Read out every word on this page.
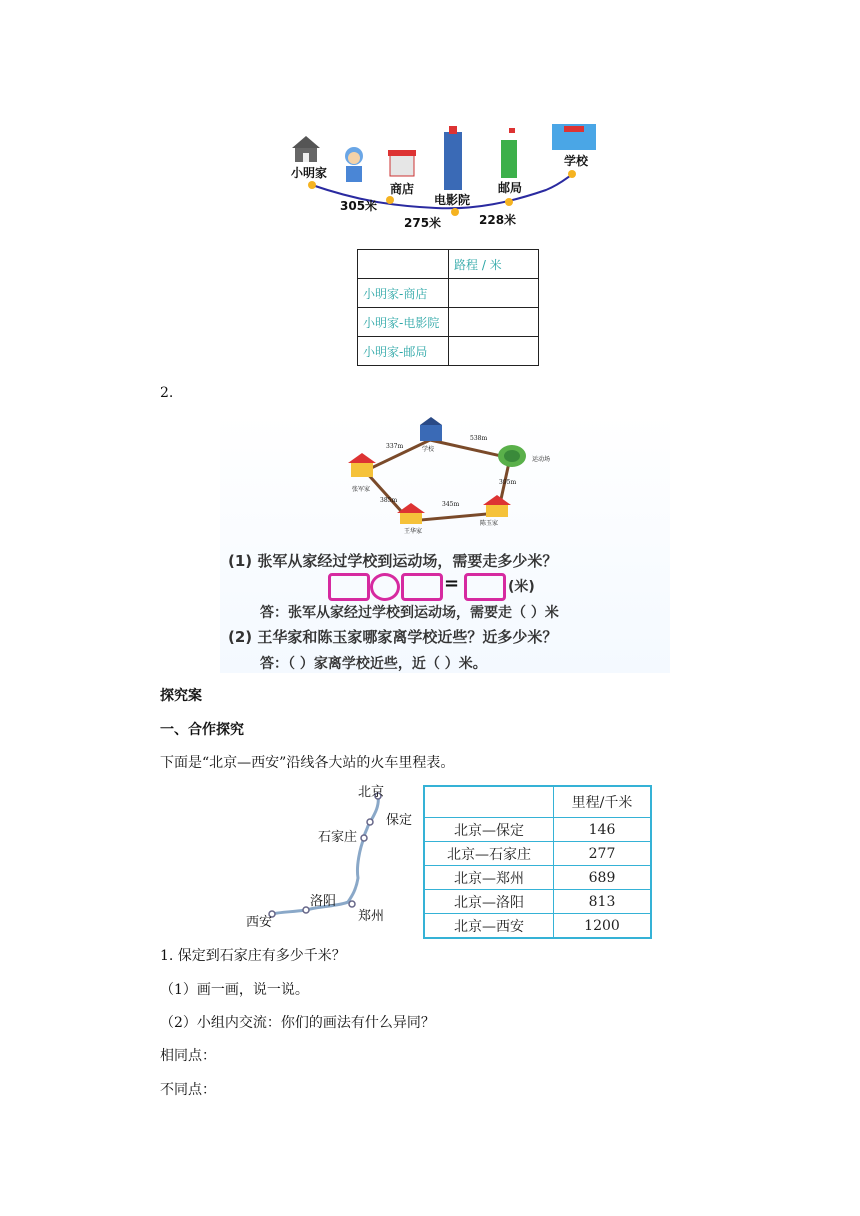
小明家
商店
电影院
邮局
学校
305米
275米	228米
	路程 / 米
小明家-商店	
小明家-电影院	
小明家-邮局	
2.
学校
运动场
张军家
王华家
陈玉家
337m
538m
385m
395m
345m
(1) 张军从家经过学校到运动场，需要走多少米？
=	(米)
答：张军从家经过学校到运动场，需要走（ ）米
(2) 王华家和陈玉家哪家离学校近些？近多少米？
答：（ ）家离学校近些，近（ ）米。
探究案
一、合作探究
下面是“北京—西安”沿线各大站的火车里程表。
北京
保定
石家庄
洛阳
郑州
西安
	里程/千米
北京—保定	146
北京—石家庄	277
北京—郑州	689
北京—洛阳	813
北京—西安	1200
1. 保定到石家庄有多少千米？
（1）画一画，说一说。
（2）小组内交流：你们的画法有什么异同？
相同点：
不同点：
